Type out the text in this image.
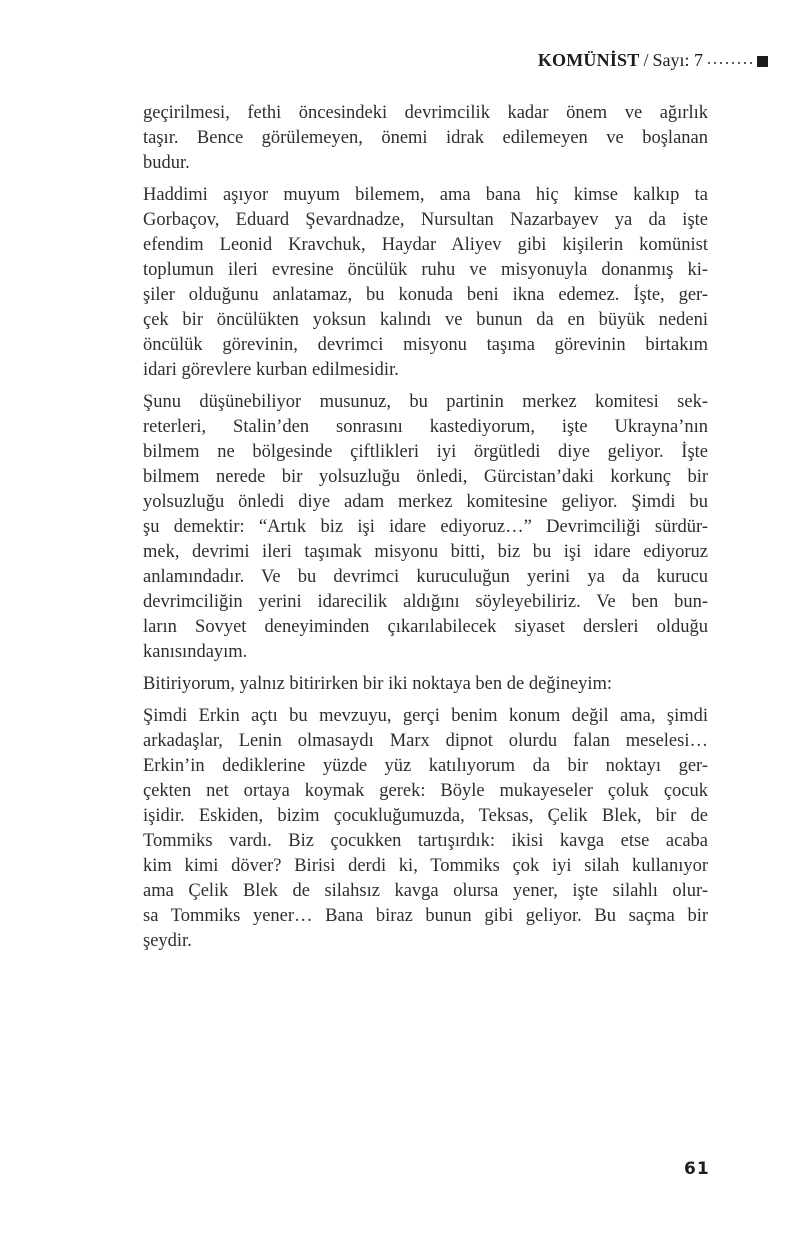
KOMÜNİST / Sayı: 7

geçirilmesi, fethi öncesindeki devrimcilik kadar önem ve ağırlık
taşır. Bence görülemeyen, önemi idrak edilemeyen ve boşlanan
budur.

Haddimi aşıyor muyum bilemem, ama bana hiç kimse kalkıp ta
Gorbaçov, Eduard Şevardnadze, Nursultan Nazarbayev ya da işte
efendim Leonid Kravchuk, Haydar Aliyev gibi kişilerin komünist
toplumun ileri evresine öncülük ruhu ve misyonuyla donanmış ki-
şiler olduğunu anlatamaz, bu konuda beni ikna edemez. İşte, ger-
çek bir öncülükten yoksun kalındı ve bunun da en büyük nedeni
öncülük görevinin, devrimci misyonu taşıma görevinin birtakım
idari görevlere kurban edilmesidir.

Şunu düşünebiliyor musunuz, bu partinin merkez komitesi sek-
reterleri, Stalin’den sonrasını kastediyorum, işte Ukrayna’nın
bilmem ne bölgesinde çiftlikleri iyi örgütledi diye geliyor. İşte
bilmem nerede bir yolsuzluğu önledi, Gürcistan’daki korkunç bir
yolsuzluğu önledi diye adam merkez komitesine geliyor. Şimdi bu
şu demektir: “Artık biz işi idare ediyoruz…” Devrimciliği sürdür-
mek, devrimi ileri taşımak misyonu bitti, biz bu işi idare ediyoruz
anlamındadır. Ve bu devrimci kuruculuğun yerini ya da kurucu
devrimciliğin yerini idarecilik aldığını söyleyebiliriz. Ve ben bun-
ların Sovyet deneyiminden çıkarılabilecek siyaset dersleri olduğu
kanısındayım.

Bitiriyorum, yalnız bitirirken bir iki noktaya ben de değineyim:

Şimdi Erkin açtı bu mevzuyu, gerçi benim konum değil ama, şimdi
arkadaşlar, Lenin olmasaydı Marx dipnot olurdu falan meselesi…
Erkin’in dediklerine yüzde yüz katılıyorum da bir noktayı ger-
çekten net ortaya koymak gerek: Böyle mukayeseler çoluk çocuk
işidir. Eskiden, bizim çocukluğumuzda, Teksas, Çelik Blek, bir de
Tommiks vardı. Biz çocukken tartışırdık: ikisi kavga etse acaba
kim kimi döver? Birisi derdi ki, Tommiks çok iyi silah kullanıyor
ama Çelik Blek de silahsız kavga olursa yener, işte silahlı olur-
sa Tommiks yener… Bana biraz bunun gibi geliyor. Bu saçma bir
şeydir.

61
